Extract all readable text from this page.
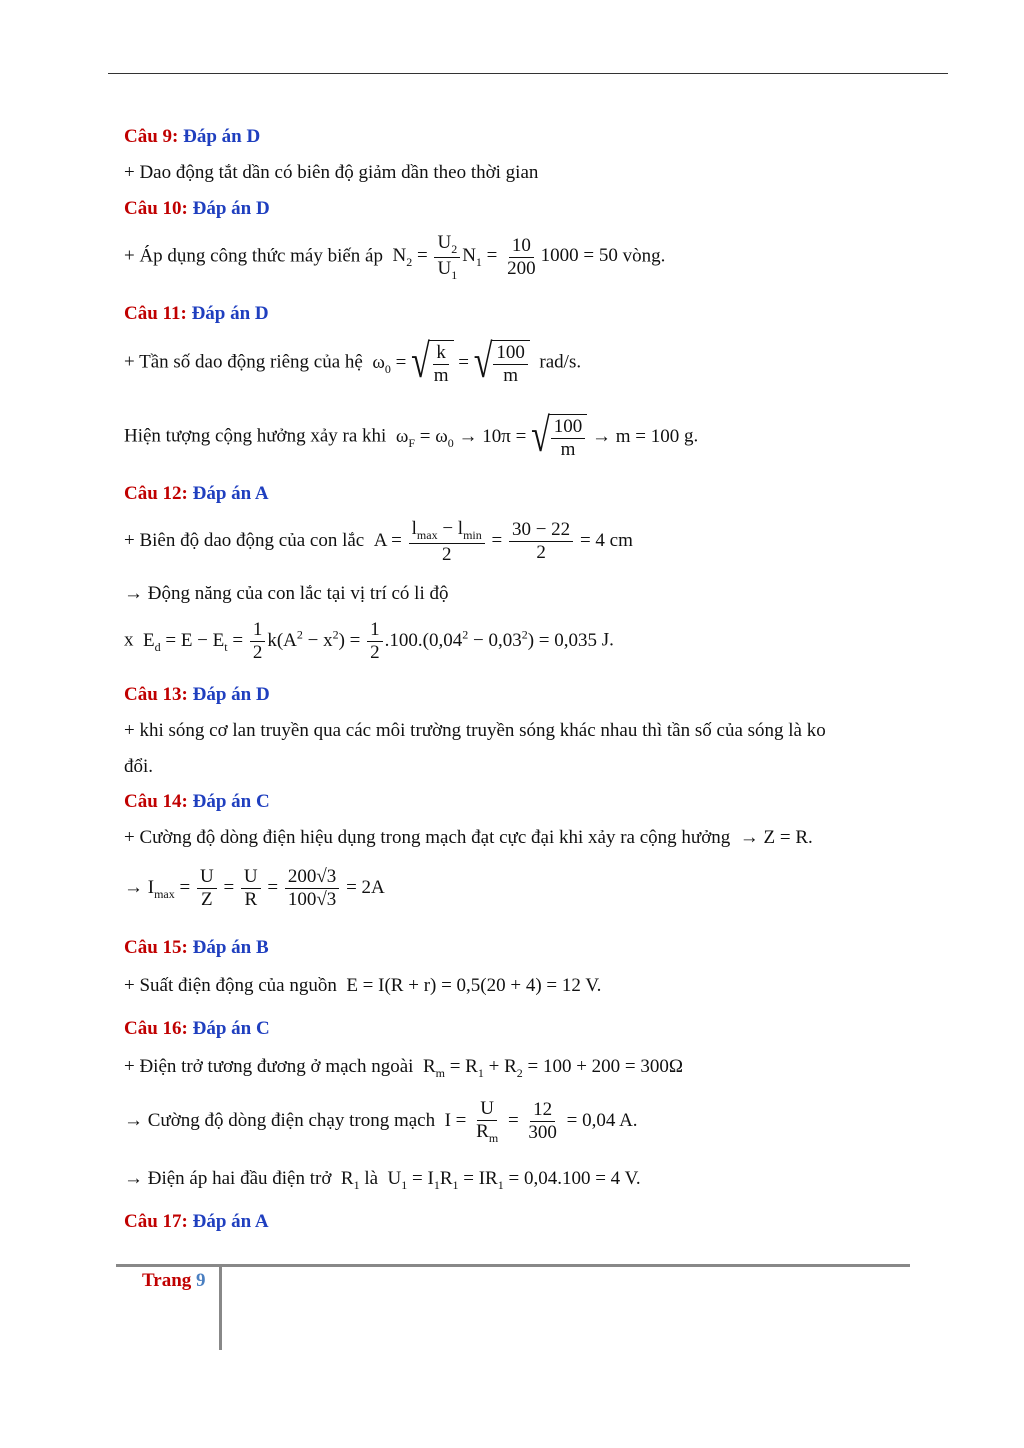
Câu 9: Đáp án D
+ Dao động tắt dần có biên độ giảm dần theo thời gian
Câu 10: Đáp án D
+ Áp dụng công thức máy biến áp  $N_2 = \frac{U_2}{U_1} N_1 = \frac{10}{200} 1000 = 50$ vòng.
Câu 11: Đáp án D
+ Tần số dao động riêng của hệ  $\omega_0$ = √ $\frac{k}{m}$ = √ $\frac{100}{m} rad/s$.
Hiện tượng cộng hưởng xảy ra khi  $\omega_F = \omega_0 \to 10\pi$ = √ $\frac{100}{m} \to m = 100$ g.
Câu 12: Đáp án A
+ Biên độ dao động của con lắc  $A = \frac{l_{max} - l_{min}}{2} = \frac{30 - 22}{2} = 4$ cm
→ Động năng của con lắc tại vị trí có li độ
x  $E_d = E - E_t = \frac{1}{2} k(A^2 - x^2) = \frac{1}{2} .100.(0,04^2 - 0,03^2) = 0,035$ J.
Câu 13: Đáp án D
+ khi sóng cơ lan truyền qua các môi trường truyền sóng khác nhau thì tần số của sóng là ko
đổi.
Câu 14: Đáp án C
+ Cường độ dòng điện hiệu dụng trong mạch đạt cực đại khi xảy ra cộng hưởng  → Z = R.
→ $I_{max} = \frac{U}{Z} = \frac{U}{R} = \frac{200√3}{100√3} = 2A$
Câu 15: Đáp án B
+ Suất điện động của nguồn  E = I(R + r) = 0,5(20 + 4) = 12 V.
Câu 16: Đáp án C
+ Điện trở tương đương ở mạch ngoài  $R_m = R_1 + R_2 = 100 + 200 = 300\Omega$
→ Cường độ dòng điện chạy trong mạch  $I = \frac{U}{R_m} = \frac{12}{300} = 0,04$ A.
→ Điện áp hai đầu điện trở  $R_1$ là  $U_1 = I_1R_1 = IR_1 = 0,04.100 = 4$ V.
Câu 17: Đáp án A
Trang 9
